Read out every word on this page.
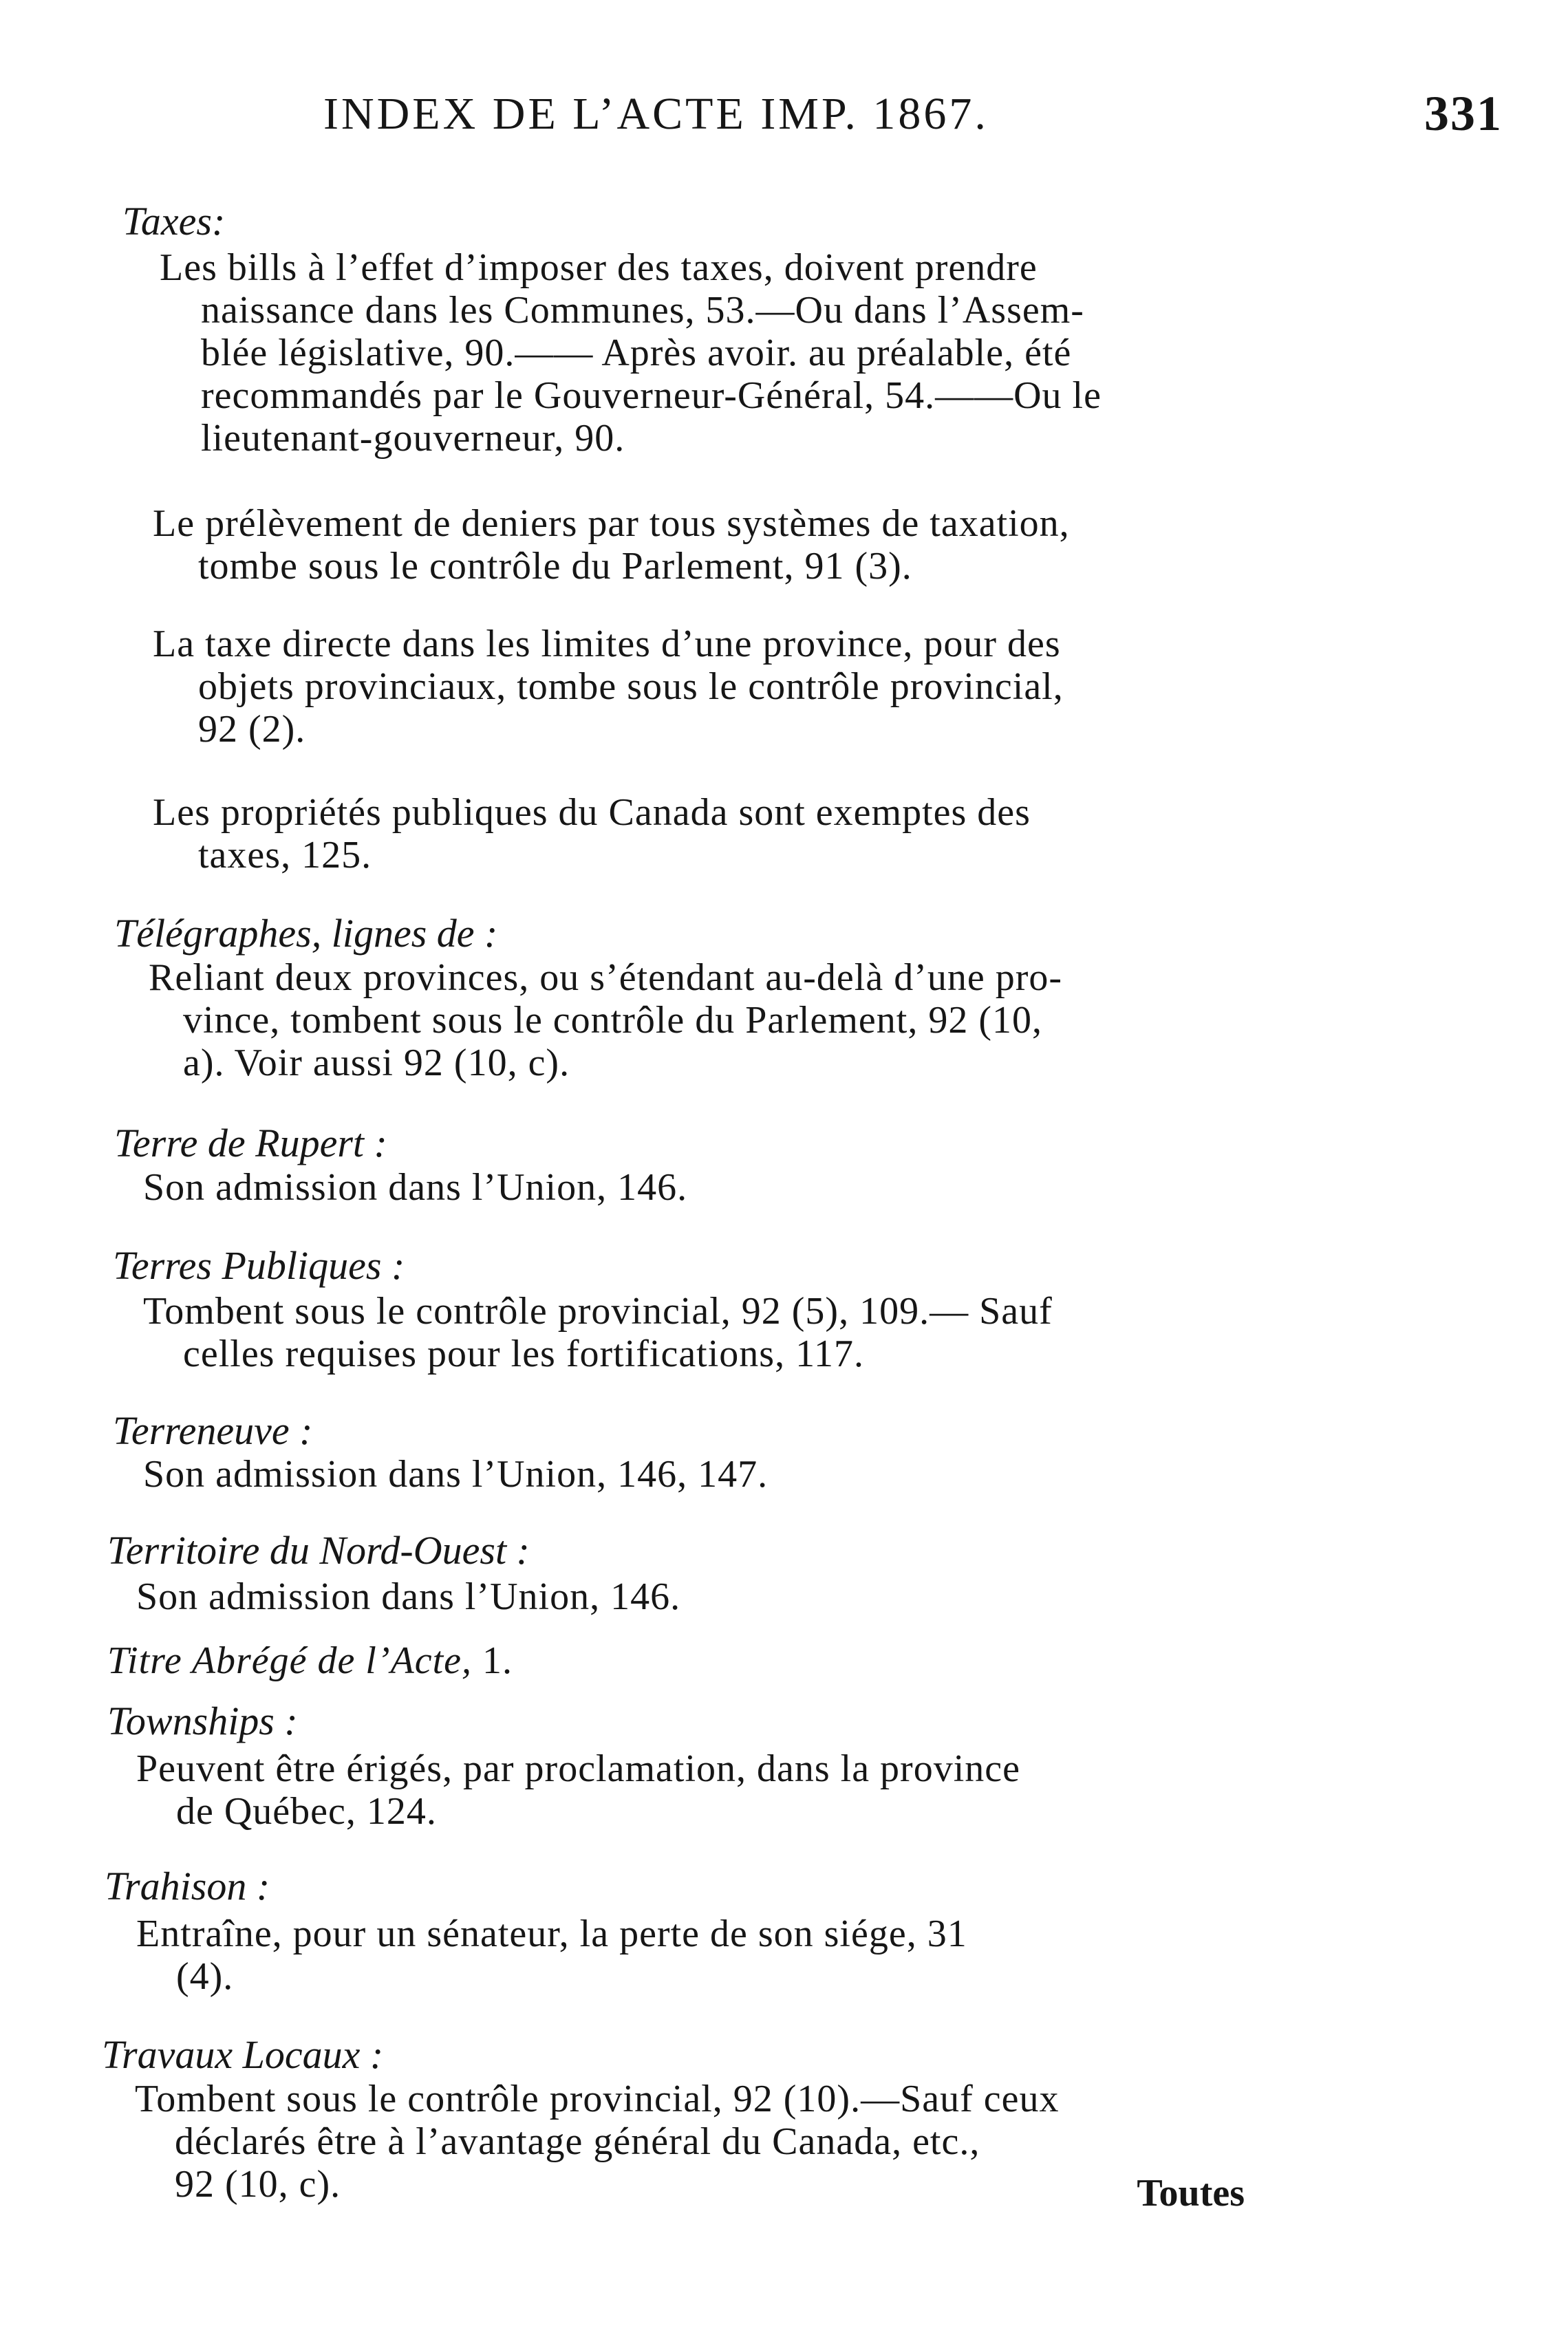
INDEX DE L’ACTE IMP. 1867.	331
Taxes:
Les bills à l’effet d’imposer des taxes, doivent prendre
naissance dans les Communes, 53.—Ou dans l’Assem-
blée législative, 90.—— Après avoir. au préalable, été
recommandés par le Gouverneur-Général, 54.——Ou le
lieutenant-gouverneur, 90.
Le prélèvement de deniers par tous systèmes de taxation,
tombe sous le contrôle du Parlement, 91 (3).
La taxe directe dans les limites d’une province, pour des
objets provinciaux, tombe sous le contrôle provincial,
92 (2).
Les propriétés publiques du Canada sont exemptes des
taxes, 125.
Télégraphes, lignes de :
Reliant deux provinces, ou s’étendant au-delà d’une pro-
vince, tombent sous le contrôle du Parlement, 92 (10,
a). Voir aussi 92 (10, c).
Terre de Rupert :
Son admission dans l’Union, 146.
Terres Publiques :
Tombent sous le contrôle provincial, 92 (5), 109.— Sauf
celles requises pour les fortifications, 117.
Terreneuve :
Son admission dans l’Union, 146, 147.
Territoire du Nord-Ouest :
Son admission dans l’Union, 146.
Titre Abrégé de l’Acte, 1.
Townships :
Peuvent être érigés, par proclamation, dans la province
de Québec, 124.
Trahison :
Entraîne, pour un sénateur, la perte de son siége, 31
(4).
Travaux Locaux :
Tombent sous le contrôle provincial, 92 (10).—Sauf ceux
déclarés être à l’avantage général du Canada, etc.,
92 (10, c).	Toutes
